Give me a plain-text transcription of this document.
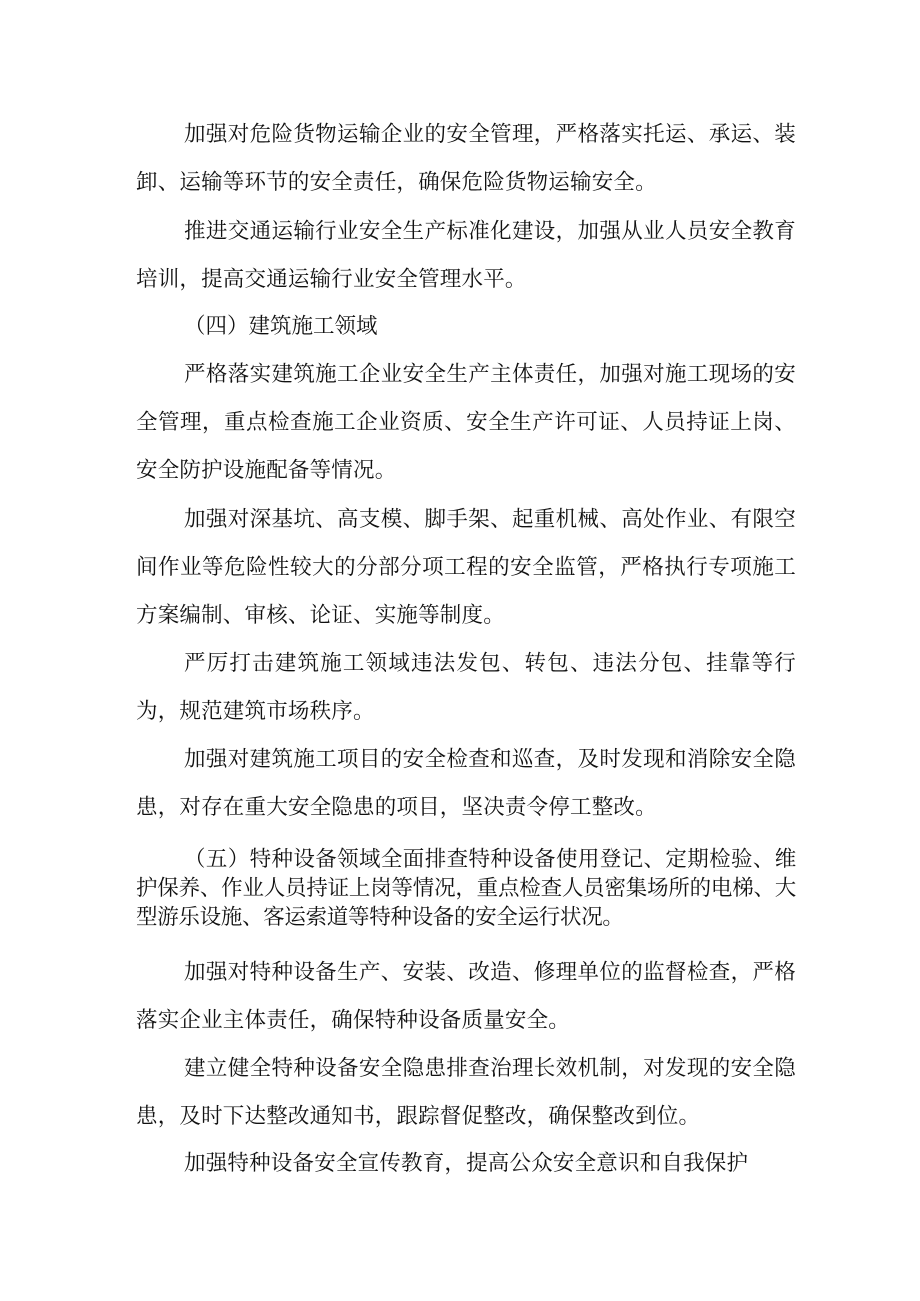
加强对危险货物运输企业的安全管理，严格落实托运、承运、装卸、运输等环节的安全责任，确保危险货物运输安全。

推进交通运输行业安全生产标准化建设，加强从业人员安全教育培训，提高交通运输行业安全管理水平。

（四）建筑施工领域

严格落实建筑施工企业安全生产主体责任，加强对施工现场的安全管理，重点检查施工企业资质、安全生产许可证、人员持证上岗、安全防护设施配备等情况。

加强对深基坑、高支模、脚手架、起重机械、高处作业、有限空间作业等危险性较大的分部分项工程的安全监管，严格执行专项施工方案编制、审核、论证、实施等制度。

严厉打击建筑施工领域违法发包、转包、违法分包、挂靠等行为，规范建筑市场秩序。

加强对建筑施工项目的安全检查和巡查，及时发现和消除安全隐患，对存在重大安全隐患的项目，坚决责令停工整改。

（五）特种设备领域全面排查特种设备使用登记、定期检验、维护保养、作业人员持证上岗等情况，重点检查人员密集场所的电梯、大型游乐设施、客运索道等特种设备的安全运行状况。

加强对特种设备生产、安装、改造、修理单位的监督检查，严格落实企业主体责任，确保特种设备质量安全。

建立健全特种设备安全隐患排查治理长效机制，对发现的安全隐患，及时下达整改通知书，跟踪督促整改，确保整改到位。

加强特种设备安全宣传教育，提高公众安全意识和自我保护
